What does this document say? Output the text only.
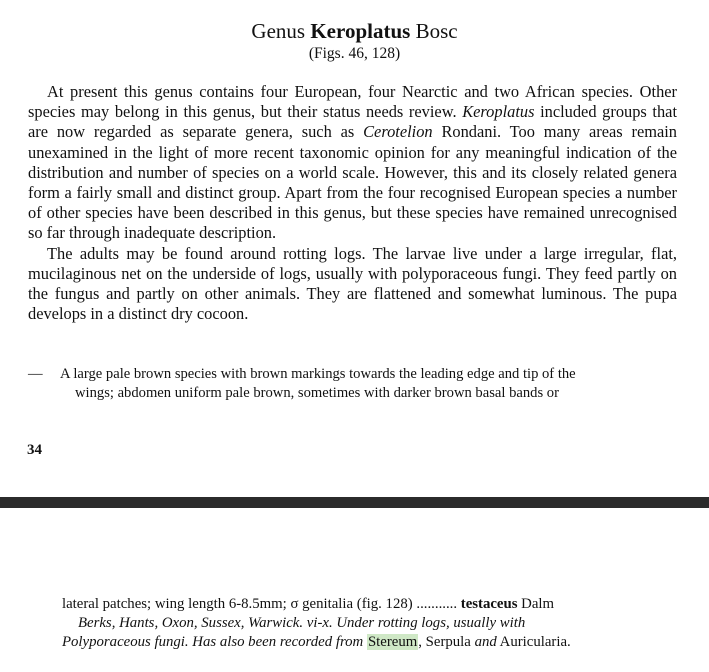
Genus Keroplatus Bosc
(Figs. 46, 128)

At present this genus contains four European, four Nearctic and two African species. Other species may belong in this genus, but their status needs review. Keroplatus included groups that are now regarded as separate genera, such as Cerotelion Rondani. Too many areas remain unexamined in the light of more recent taxonomic opinion for any meaningful indication of the distribution and number of species on a world scale. However, this and its closely related genera form a fairly small and distinct group. Apart from the four recognised European species a number of other species have been described in this genus, but these species have remained unrecognised so far through inadequate description.

The adults may be found around rotting logs. The larvae live under a large irregular, flat, mucilaginous net on the underside of logs, usually with polyporaceous fungi. They feed partly on the fungus and partly on other animals. They are flattened and somewhat luminous. The pupa develops in a distinct dry cocoon.

—	A large pale brown species with brown markings towards the leading edge and tip of the
wings; abdomen uniform pale brown, sometimes with darker brown basal bands or
34
lateral patches; wing length 6-8.5mm; σ genitalia (fig. 128) ........... testaceus Dalm
Berks, Hants, Oxon, Sussex, Warwick. vi-x. Under rotting logs, usually with
Polyporaceous fungi. Has also been recorded from Stereum, Serpula and Auricularia.
